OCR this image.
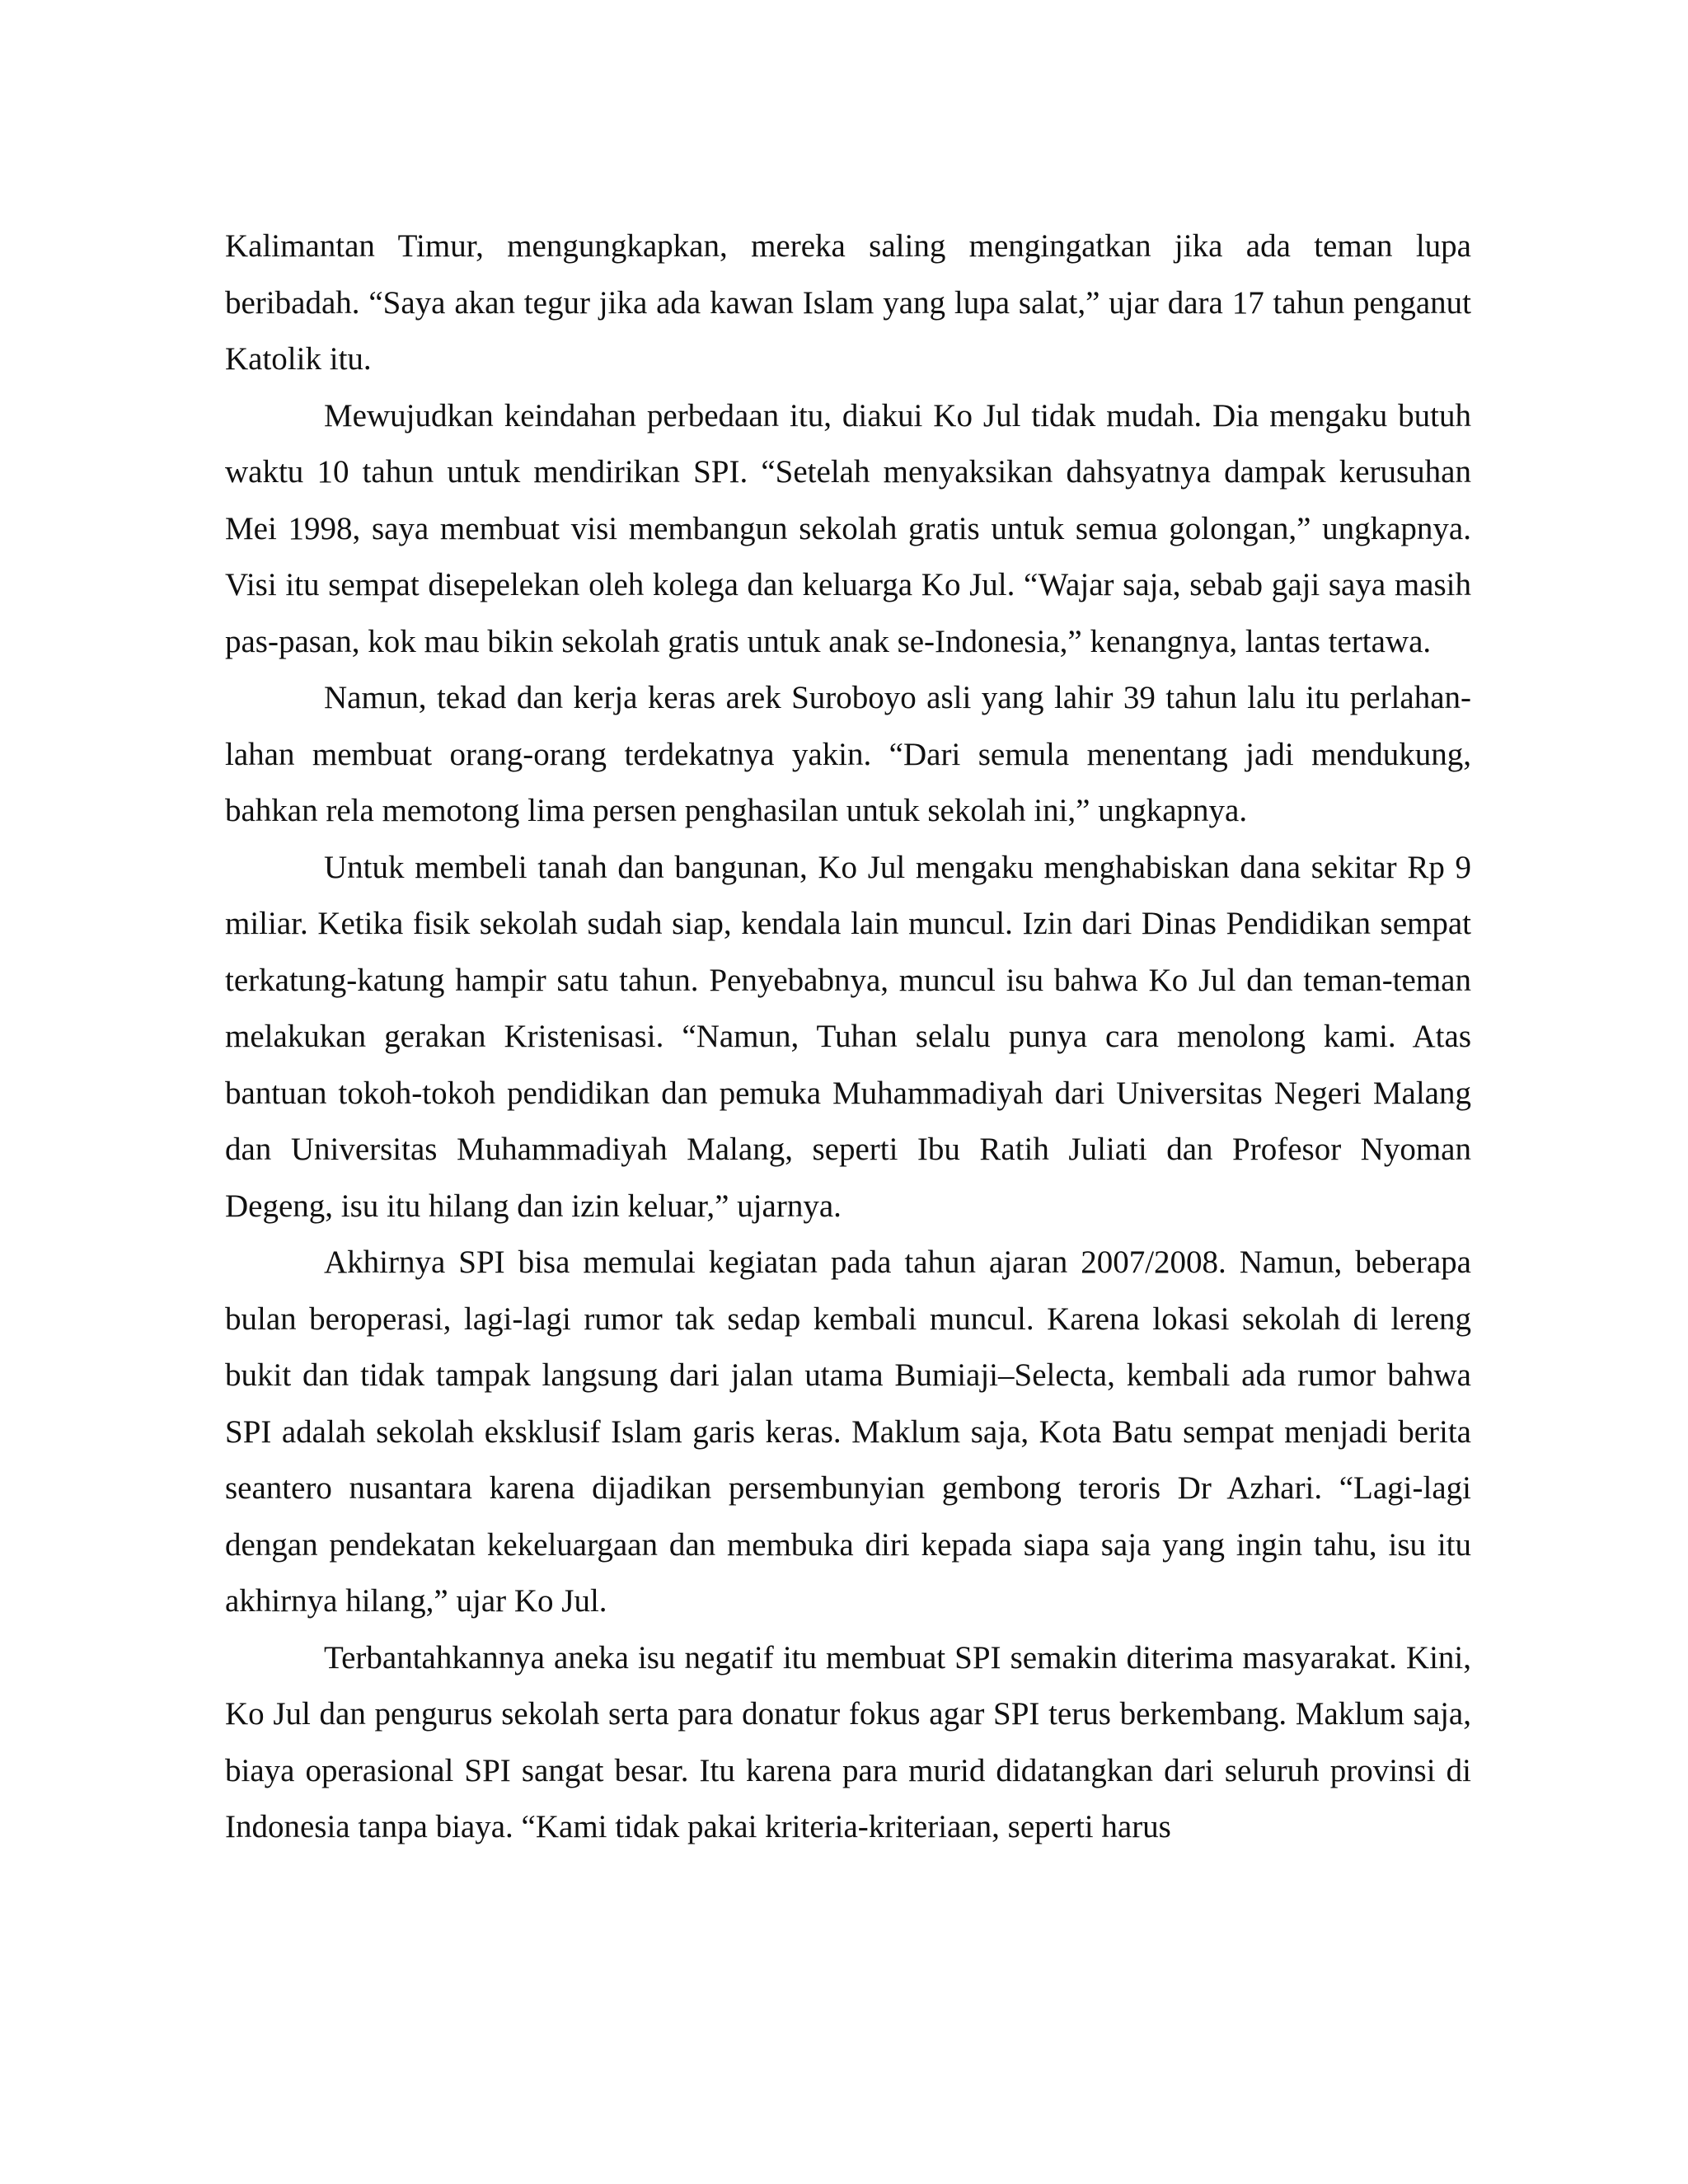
Kalimantan Timur, mengungkapkan, mereka saling mengingatkan jika ada teman lupa beribadah. “Saya akan tegur jika ada kawan Islam yang lupa salat,” ujar dara 17 tahun penganut Katolik itu.

Mewujudkan keindahan perbedaan itu, diakui Ko Jul tidak mudah. Dia mengaku butuh waktu 10 tahun untuk mendirikan SPI. “Setelah menyaksikan dahsyatnya dampak kerusuhan Mei 1998, saya membuat visi membangun sekolah gratis untuk semua golongan,” ungkapnya. Visi itu sempat disepelekan oleh kolega dan keluarga Ko Jul. “Wajar saja, sebab gaji saya masih pas-pasan, kok mau bikin sekolah gratis untuk anak se-Indonesia,” kenangnya, lantas tertawa.

Namun, tekad dan kerja keras arek Suroboyo asli yang lahir 39 tahun lalu itu perlahan-lahan membuat orang-orang terdekatnya yakin. “Dari semula menentang jadi mendukung, bahkan rela memotong lima persen penghasilan untuk sekolah ini,” ungkapnya.

Untuk membeli tanah dan bangunan, Ko Jul mengaku menghabiskan dana sekitar Rp 9 miliar. Ketika fisik sekolah sudah siap, kendala lain muncul. Izin dari Dinas Pendidikan sempat terkatung-katung hampir satu tahun. Penyebabnya, muncul isu bahwa Ko Jul dan teman-teman melakukan gerakan Kristenisasi. “Namun, Tuhan selalu punya cara menolong kami. Atas bantuan tokoh-tokoh pendidikan dan pemuka Muhammadiyah dari Universitas Negeri Malang dan Universitas Muhammadiyah Malang, seperti Ibu Ratih Juliati dan Profesor Nyoman Degeng, isu itu hilang dan izin keluar,” ujarnya.

Akhirnya SPI bisa memulai kegiatan pada tahun ajaran 2007/2008. Namun, beberapa bulan beroperasi, lagi-lagi rumor tak sedap kembali muncul. Karena lokasi sekolah di lereng bukit dan tidak tampak langsung dari jalan utama Bumiaji–Selecta, kembali ada rumor bahwa SPI adalah sekolah eksklusif Islam garis keras. Maklum saja, Kota Batu sempat menjadi berita seantero nusantara karena dijadikan persembunyian gembong teroris Dr Azhari. “Lagi-lagi dengan pendekatan kekeluargaan dan membuka diri kepada siapa saja yang ingin tahu, isu itu akhirnya hilang,” ujar Ko Jul.

Terbantahkannya aneka isu negatif itu membuat SPI semakin diterima masyarakat. Kini, Ko Jul dan pengurus sekolah serta para donatur fokus agar SPI terus berkembang. Maklum saja, biaya operasional SPI sangat besar. Itu karena para murid didatangkan dari seluruh provinsi di Indonesia tanpa biaya. “Kami tidak pakai kriteria-kriteriaan, seperti harus
